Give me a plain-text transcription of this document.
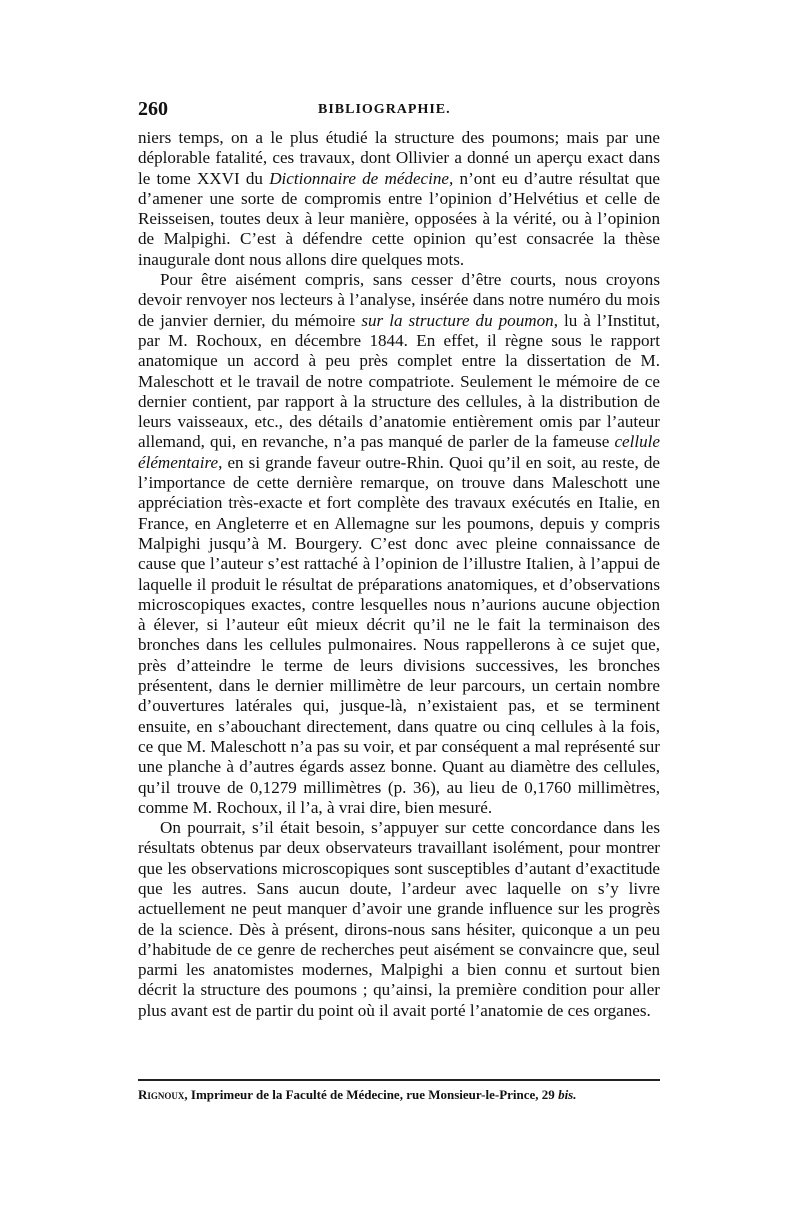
260	BIBLIOGRAPHIE.

niers temps, on a le plus étudié la structure des poumons; mais par une déplorable fatalité, ces travaux, dont Ollivier a donné un aperçu exact dans le tome XXVI du Dictionnaire de médecine, n’ont eu d’autre résultat que d’amener une sorte de compromis entre l’opinion d’Helvétius et celle de Reisseisen, toutes deux à leur manière, opposées à la vérité, ou à l’opinion de Malpighi. C’est à défendre cette opinion qu’est consacrée la thèse inaugurale dont nous allons dire quelques mots.

Pour être aisément compris, sans cesser d’être courts, nous croyons devoir renvoyer nos lecteurs à l’analyse, insérée dans notre numéro du mois de janvier dernier, du mémoire sur la structure du poumon, lu à l’Institut, par M. Rochoux, en décembre 1844. En effet, il règne sous le rapport anatomique un accord à peu près complet entre la dissertation de M. Maleschott et le travail de notre compatriote. Seulement le mémoire de ce dernier contient, par rapport à la structure des cellules, à la distribution de leurs vaisseaux, etc., des détails d’anatomie entièrement omis par l’auteur allemand, qui, en revanche, n’a pas manqué de parler de la fameuse cellule élémentaire, en si grande faveur outre-Rhin. Quoi qu’il en soit, au reste, de l’importance de cette dernière remarque, on trouve dans Maleschott une appréciation très-exacte et fort complète des travaux exécutés en Italie, en France, en Angleterre et en Allemagne sur les poumons, depuis y compris Malpighi jusqu’à M. Bourgery. C’est donc avec pleine connaissance de cause que l’auteur s’est rattaché à l’opinion de l’illustre Italien, à l’appui de laquelle il produit le résultat de préparations anatomiques, et d’observations microscopiques exactes, contre lesquelles nous n’aurions aucune objection à élever, si l’auteur eût mieux décrit qu’il ne le fait la terminaison des bronches dans les cellules pulmonaires. Nous rappellerons à ce sujet que, près d’atteindre le terme de leurs divisions successives, les bronches présentent, dans le dernier millimètre de leur parcours, un certain nombre d’ouvertures latérales qui, jusque-là, n’existaient pas, et se terminent ensuite, en s’abouchant directement, dans quatre ou cinq cellules à la fois, ce que M. Maleschott n’a pas su voir, et par conséquent a mal représenté sur une planche à d’autres égards assez bonne. Quant au diamètre des cellules, qu’il trouve de 0,1279 millimètres (p. 36), au lieu de 0,1760 millimètres, comme M. Rochoux, il l’a, à vrai dire, bien mesuré.

On pourrait, s’il était besoin, s’appuyer sur cette concordance dans les résultats obtenus par deux observateurs travaillant isolément, pour montrer que les observations microscopiques sont susceptibles d’autant d’exactitude que les autres. Sans aucun doute, l’ardeur avec laquelle on s’y livre actuellement ne peut manquer d’avoir une grande influence sur les progrès de la science. Dès à présent, dirons-nous sans hésiter, quiconque a un peu d’habitude de ce genre de recherches peut aisément se convaincre que, seul parmi les anatomistes modernes, Malpighi a bien connu et surtout bien décrit la structure des poumons ; qu’ainsi, la première condition pour aller plus avant est de partir du point où il avait porté l’anatomie de ces organes.

Rignoux, Imprimeur de la Faculté de Médecine, rue Monsieur-le-Prince, 29 bis.
